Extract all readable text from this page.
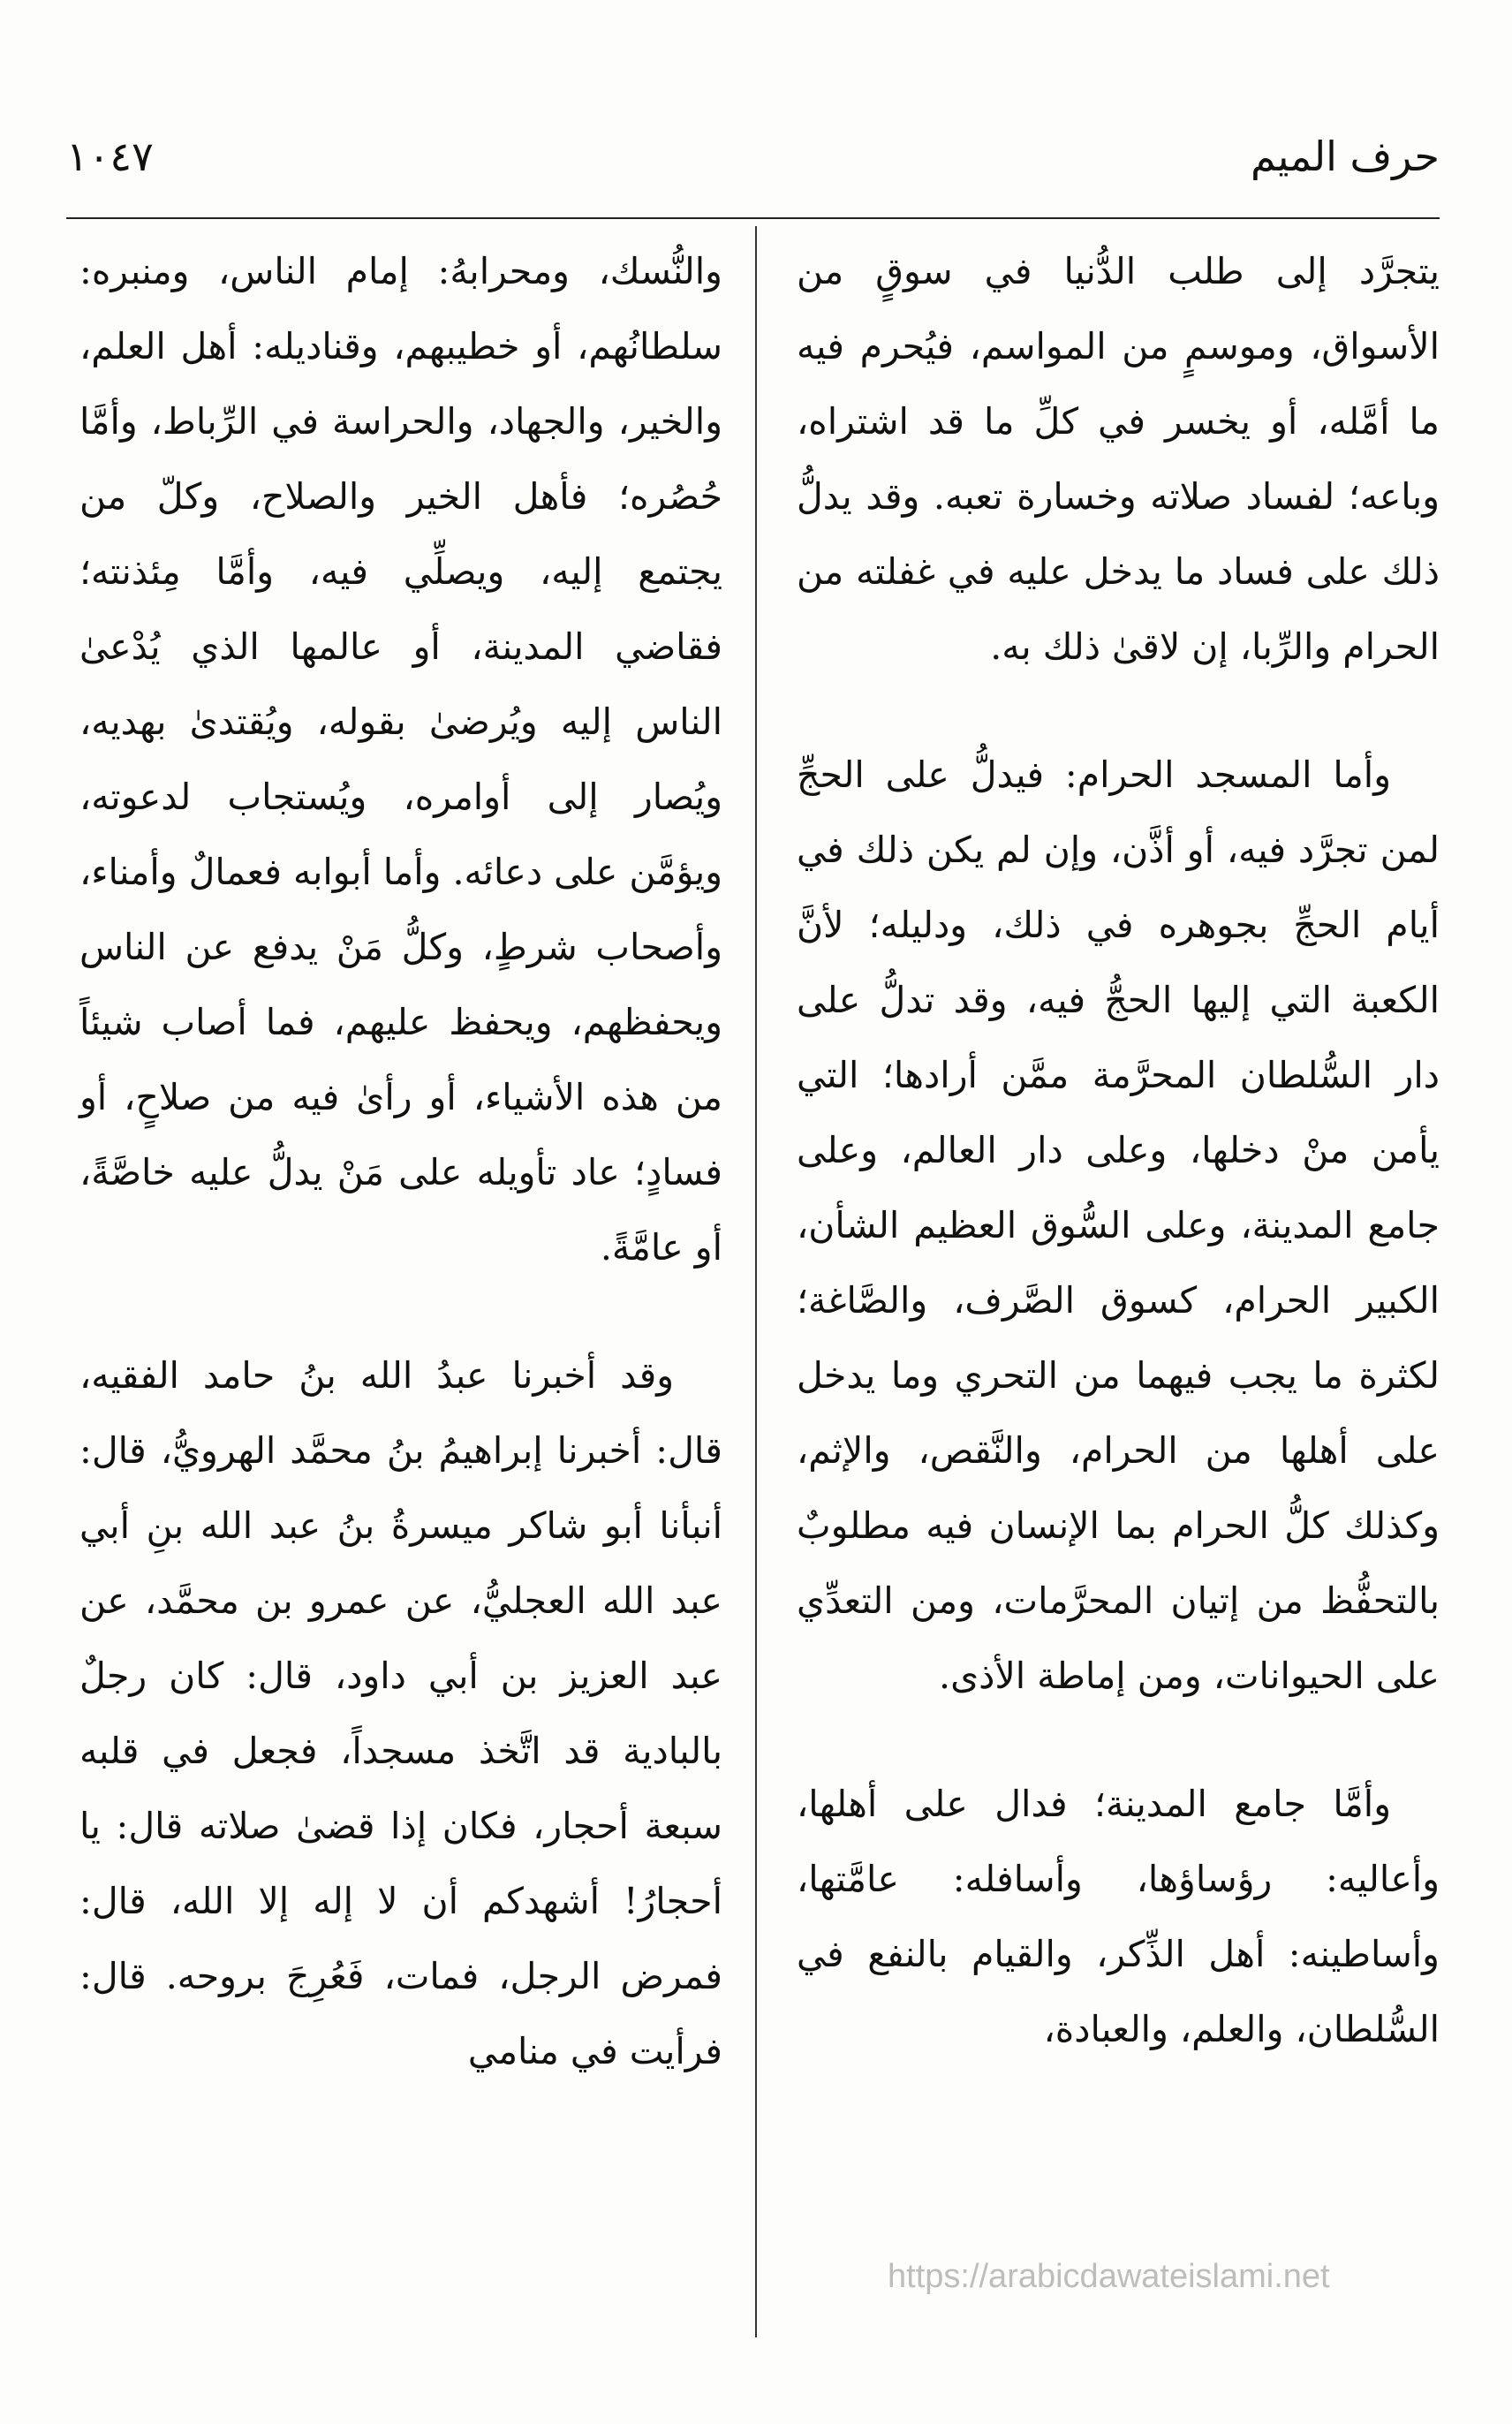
حرف الميم
١٠٤٧

يتجرَّد إلى طلب الدُّنيا في سوقٍ من الأسواق، وموسمٍ من المواسم، فيُحرم فيه ما أمَّله، أو يخسر في كلِّ ما قد اشتراه، وباعه؛ لفساد صلاته وخسارة تعبه. وقد يدلُّ ذلك على فساد ما يدخل عليه في غفلته من الحرام والرِّبا، إن لاقىٰ ذلك به.

وأما المسجد الحرام: فيدلُّ على الحجِّ لمن تجرَّد فيه، أو أذَّن، وإن لم يكن ذلك في أيام الحجِّ بجوهره في ذلك، ودليله؛ لأنَّ الكعبة التي إليها الحجُّ فيه، وقد تدلُّ على دار السُّلطان المحرَّمة ممَّن أرادها؛ التي يأمن منْ دخلها، وعلى دار العالم، وعلى جامع المدينة، وعلى السُّوق العظيم الشأن، الكبير الحرام، كسوق الصَّرف، والصَّاغة؛ لكثرة ما يجب فيهما من التحري وما يدخل على أهلها من الحرام، والنَّقص، والإثم، وكذلك كلُّ الحرام بما الإنسان فيه مطلوبٌ بالتحفُّظ من إتيان المحرَّمات، ومن التعدِّي على الحيوانات، ومن إماطة الأذى.

وأمَّا جامع المدينة؛ فدال على أهلها، وأعاليه: رؤساؤها، وأسافله: عامَّتها، وأساطينه: أهل الذِّكر، والقيام بالنفع في السُّلطان، والعلم، والعبادة،

والنُّسك، ومحرابهُ: إمام الناس، ومنبره: سلطانُهم، أو خطيبهم، وقناديله: أهل العلم، والخير، والجهاد، والحراسة في الرِّباط، وأمَّا حُصُره؛ فأهل الخير والصلاح، وكلّ من يجتمع إليه، ويصلِّي فيه، وأمَّا مِئذنته؛ فقاضي المدينة، أو عالمها الذي يُدْعىٰ الناس إليه ويُرضىٰ بقوله، ويُقتدىٰ بهديه، ويُصار إلى أوامره، ويُستجاب لدعوته، ويؤمَّن على دعائه. وأما أبوابه فعمالٌ وأمناء، وأصحاب شرطٍ، وكلُّ مَنْ يدفع عن الناس ويحفظهم، ويحفظ عليهم، فما أصاب شيئاً من هذه الأشياء، أو رأىٰ فيه من صلاحٍ، أو فسادٍ؛ عاد تأويله على مَنْ يدلُّ عليه خاصَّةً، أو عامَّةً.

وقد أخبرنا عبدُ الله بنُ حامد الفقيه، قال: أخبرنا إبراهيمُ بنُ محمَّد الهرويُّ، قال: أنبأنا أبو شاكر ميسرةُ بنُ عبد الله بنِ أبي عبد الله العجليُّ، عن عمرو بن محمَّد، عن عبد العزيز بن أبي داود، قال: كان رجلٌ بالبادية قد اتَّخذ مسجداً، فجعل في قلبه سبعة أحجار، فكان إذا قضىٰ صلاته قال: يا أحجارُ! أشهدكم أن لا إله إلا الله، قال: فمرض الرجل، فمات، فَعُرِجَ بروحه. قال: فرأيت في منامي

https://arabicdawateislami.net
